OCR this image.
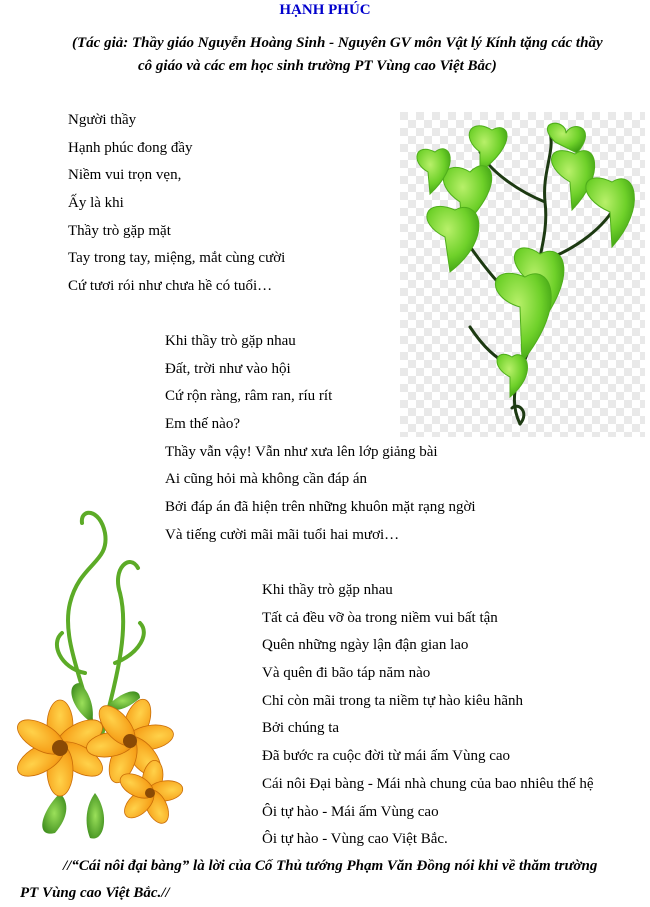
HẠNH PHÚC
(Tác giả: Thầy giáo Nguyễn Hoàng Sinh - Nguyên GV môn Vật lý Kính tặng các thầy
cô giáo và các em học sinh trường PT Vùng cao Việt Bắc)
Người thầy
Hạnh phúc đong đầy
Niềm vui trọn vẹn,
Ấy là khi
Thầy trò gặp mặt
Tay trong tay, miệng, mắt cùng cười
Cứ tươi rói như chưa hề có tuổi…
Khi thầy trò gặp nhau
Đất, trời như vào hội
Cứ rộn ràng, râm ran, ríu rít
Em thế nào?
Thầy vẫn vậy! Vẫn như xưa lên lớp giảng bài
Ai cũng hỏi mà không cần đáp án
Bởi đáp án đã hiện trên những khuôn mặt rạng ngời
Và tiếng cười mãi mãi tuổi hai mươi…
Khi thầy trò gặp nhau
Tất cả đều vỡ òa trong niềm vui bất tận
Quên những ngày lận đận gian lao
Và quên đi bão táp năm nào
Chỉ còn mãi trong ta niềm tự hào kiêu hãnh
Bởi chúng ta
Đã bước ra cuộc đời từ mái ấm Vùng cao
Cái nôi Đại bàng - Mái nhà chung của bao nhiêu thế hệ
Ôi tự hào - Mái ấm Vùng cao
Ôi tự hào - Vùng cao Việt Bắc.
//“Cái nôi đại bàng” là lời của Cố Thủ tướng Phạm Văn Đồng nói khi về thăm trường
PT Vùng cao Việt Bắc.//
